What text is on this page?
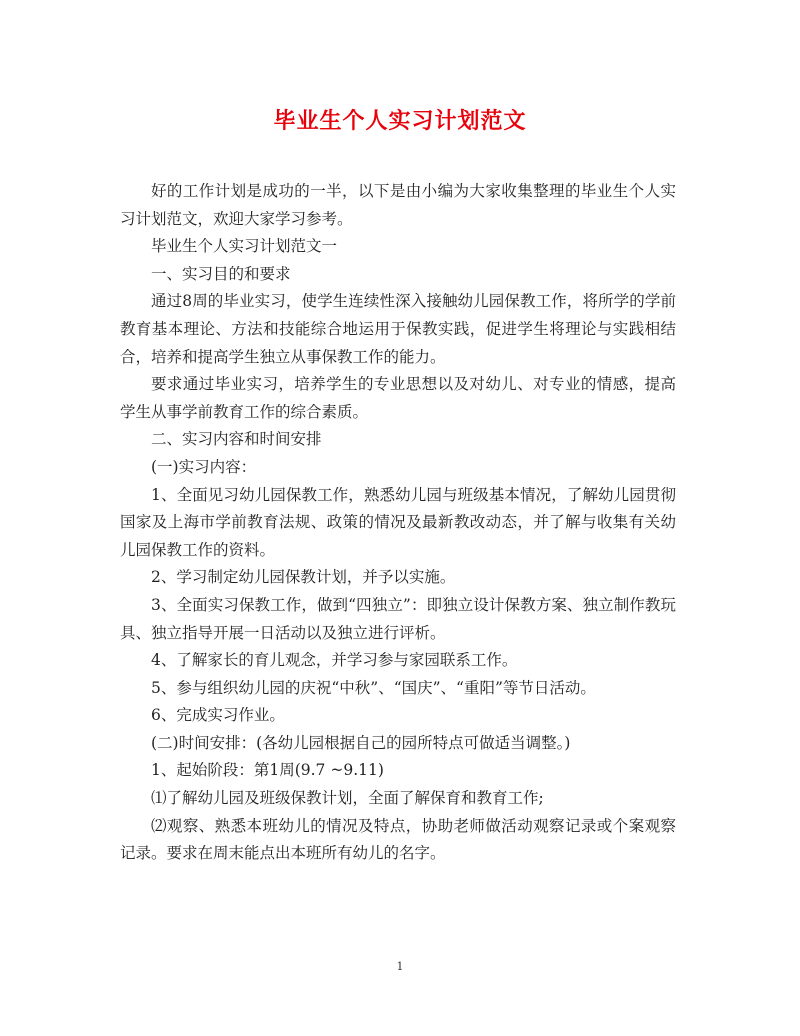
毕业生个人实习计划范文

好的工作计划是成功的一半，以下是由小编为大家收集整理的毕业生个人实习计划范文，欢迎大家学习参考。

毕业生个人实习计划范文一

一、实习目的和要求

通过8周的毕业实习，使学生连续性深入接触幼儿园保教工作，将所学的学前教育基本理论、方法和技能综合地运用于保教实践，促进学生将理论与实践相结合，培养和提高学生独立从事保教工作的能力。

要求通过毕业实习，培养学生的专业思想以及对幼儿、对专业的情感，提高学生从事学前教育工作的综合素质。

二、实习内容和时间安排

(一)实习内容：

1、全面见习幼儿园保教工作，熟悉幼儿园与班级基本情况，了解幼儿园贯彻国家及上海市学前教育法规、政策的情况及最新教改动态，并了解与收集有关幼儿园保教工作的资料。

2、学习制定幼儿园保教计划，并予以实施。

3、全面实习保教工作，做到“四独立”：即独立设计保教方案、独立制作教玩具、独立指导开展一日活动以及独立进行评析。

4、了解家长的育儿观念，并学习参与家园联系工作。

5、参与组织幼儿园的庆祝“中秋”、“国庆”、“重阳”等节日活动。

6、完成实习作业。

(二)时间安排：(各幼儿园根据自己的园所特点可做适当调整。)

1、起始阶段：第1周(9.7 ~9.11)

⑴了解幼儿园及班级保教计划，全面了解保育和教育工作;

⑵观察、熟悉本班幼儿的情况及特点，协助老师做活动观察记录或个案观察记录。要求在周末能点出本班所有幼儿的名字。

1
